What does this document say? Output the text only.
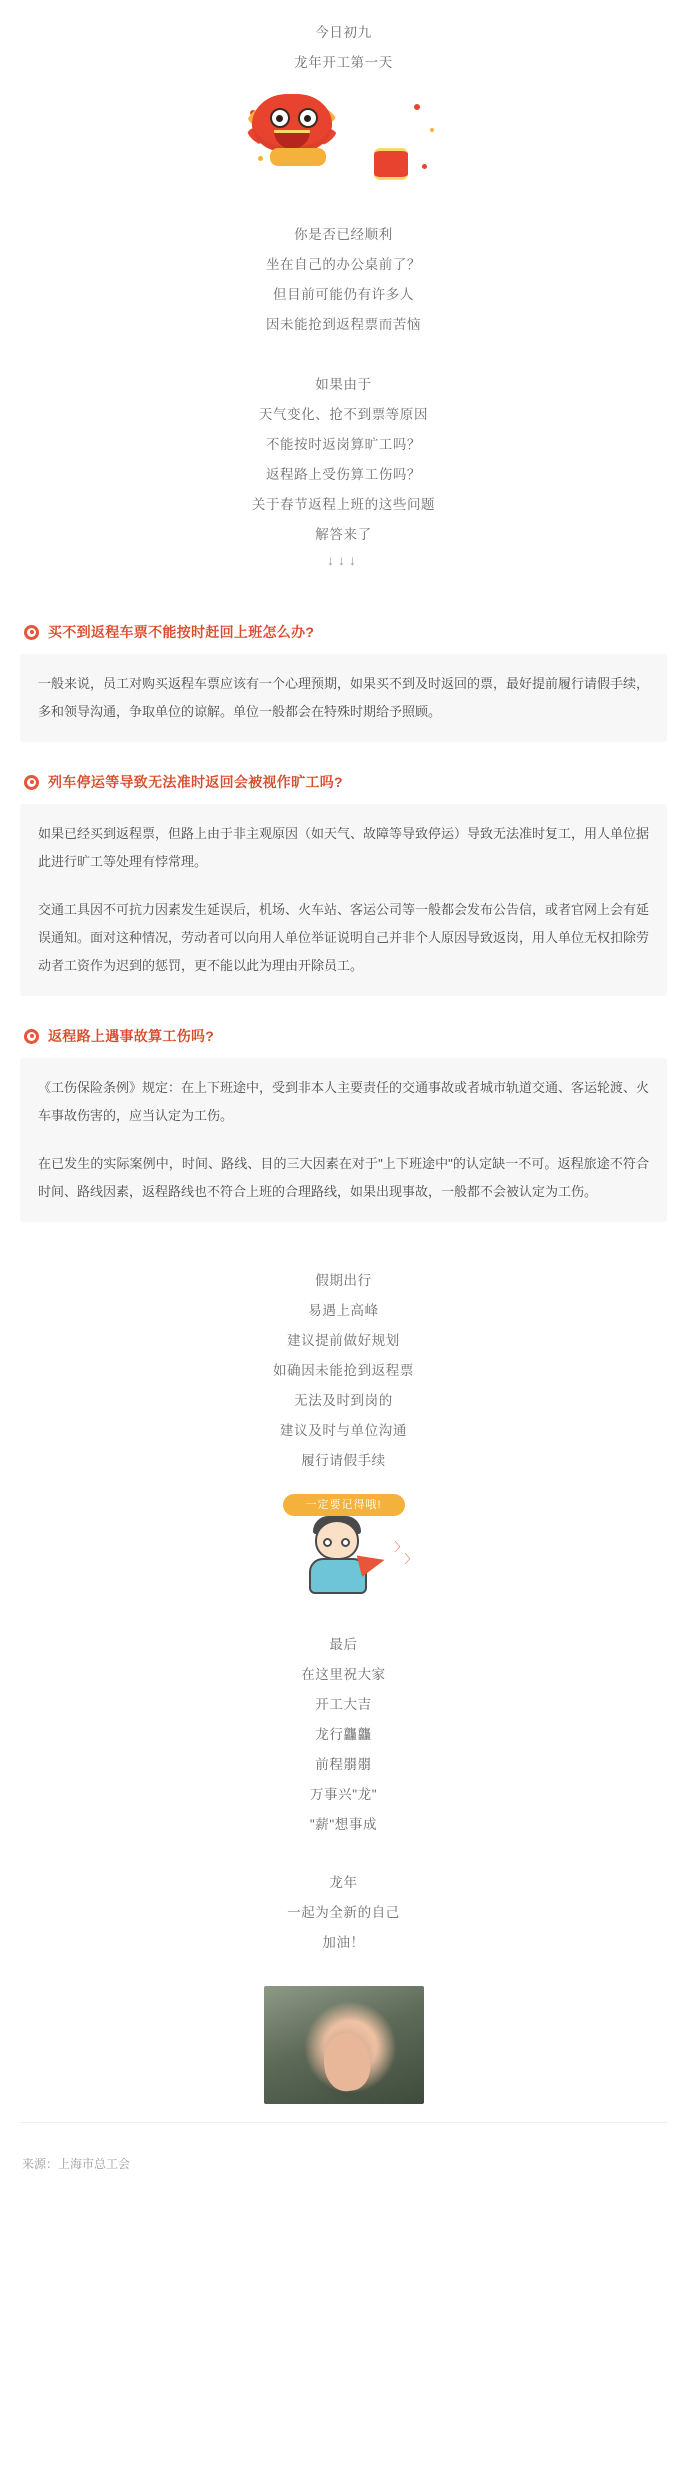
今日初九
龙年开工第一天
你是否已经顺利
坐在自己的办公桌前了？
但目前可能仍有许多人
因未能抢到返程票而苦恼
如果由于
天气变化、抢不到票等原因
不能按时返岗算旷工吗？
返程路上受伤算工伤吗？
关于春节返程上班的这些问题
解答来了
↓↓↓
买不到返程车票不能按时赶回上班怎么办?

一般来说，员工对购买返程车票应该有一个心理预期，如果买不到及时返回的票，最好提前履行请假手续，多和领导沟通，争取单位的谅解。单位一般都会在特殊时期给予照顾。

列车停运等导致无法准时返回会被视作旷工吗?

如果已经买到返程票，但路上由于非主观原因（如天气、故障等导致停运）导致无法准时复工，用人单位据此进行旷工等处理有悖常理。

交通工具因不可抗力因素发生延误后，机场、火车站、客运公司等一般都会发布公告信，或者官网上会有延误通知。面对这种情况，劳动者可以向用人单位举证说明自己并非个人原因导致返岗，用人单位无权扣除劳动者工资作为迟到的惩罚，更不能以此为理由开除员工。

返程路上遇事故算工伤吗?

《工伤保险条例》规定：在上下班途中，受到非本人主要责任的交通事故或者城市轨道交通、客运轮渡、火车事故伤害的，应当认定为工伤。

在已发生的实际案例中，时间、路线、目的三大因素在对于"上下班途中"的认定缺一不可。返程旅途不符合时间、路线因素，返程路线也不符合上班的合理路线，如果出现事故，一般都不会被认定为工伤。

假期出行
易遇上高峰
建议提前做好规划
如确因未能抢到返程票
无法及时到岗的
建议及时与单位沟通
履行请假手续
一定要记得哦!
〉
〉
最后
在这里祝大家
开工大吉
龙行龘龘
前程朤朤
万事兴"龙"
"薪"想事成
龙年
一起为全新的自己
加油！
来源：上海市总工会
